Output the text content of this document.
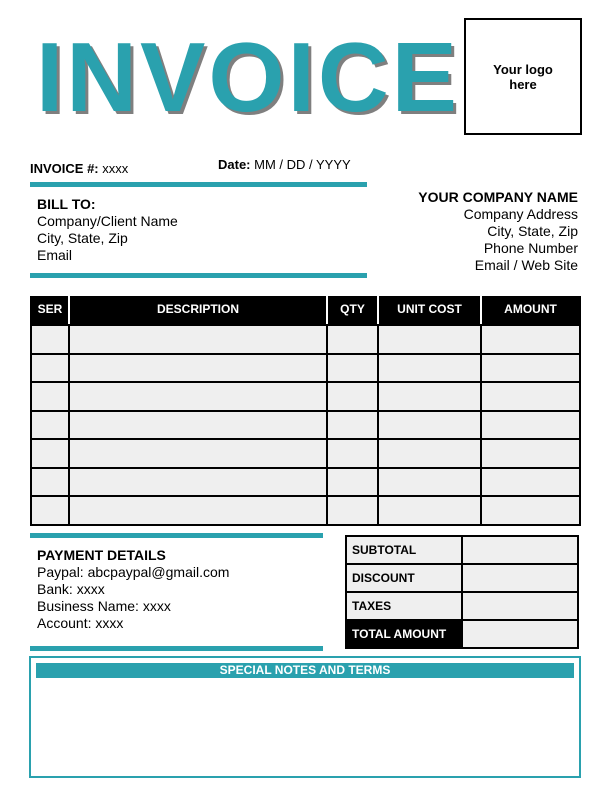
INVOICE	Your logo here
INVOICE #: xxxx	Date: MM / DD / YYYY
BILL TO:
Company/Client Name
City, State, Zip
Email
YOUR COMPANY NAME
Company Address
City, State, Zip
Phone Number
Email / Web Site
SER	DESCRIPTION	QTY	UNIT COST	AMOUNT

PAYMENT DETAILS
Paypal: abcpaypal@gmail.com
Bank: xxxx
Business Name: xxxx
Account: xxxx
SUBTOTAL	
DISCOUNT	
TAXES	
TOTAL AMOUNT	
SPECIAL NOTES AND TERMS
